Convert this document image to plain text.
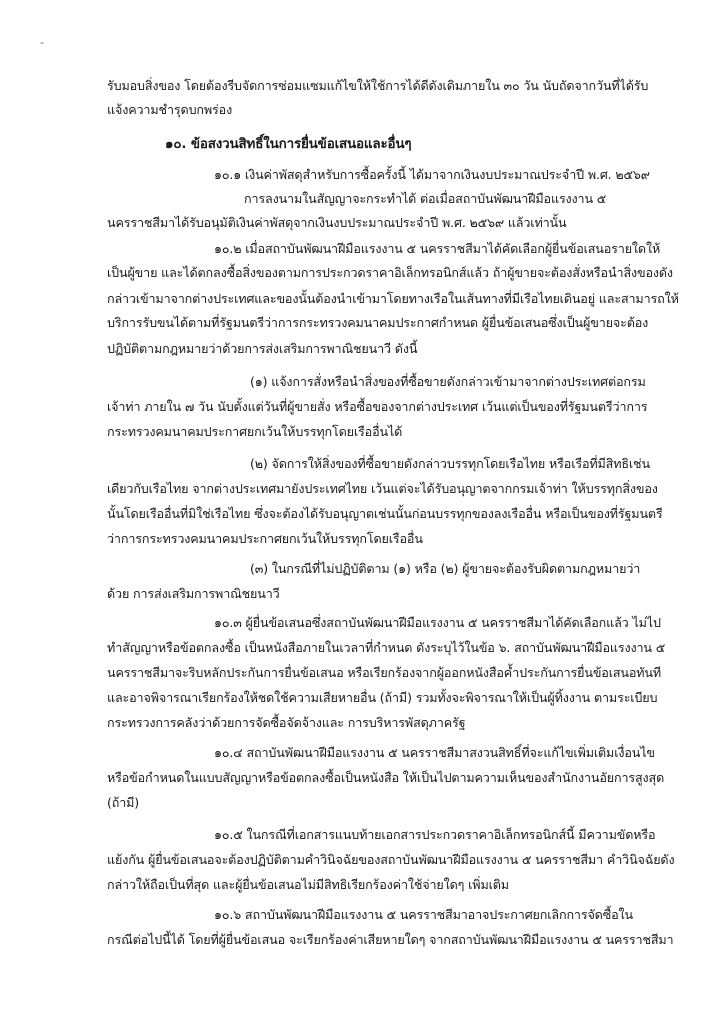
-

รับมอบสิ่งของ โดยต้องรีบจัดการซ่อมแซมแก้ไขให้ใช้การได้ดีดังเดิมภายใน ๓๐ วัน นับถัดจากวันที่ได้รับ

แจ้งความชำรุดบกพร่อง

๑๐. ข้อสงวนสิทธิ์ในการยื่นข้อเสนอและอื่นๆ

๑๐.๑ เงินค่าพัสดุสำหรับการซื้อครั้งนี้ ได้มาจากเงินงบประมาณประจำปี พ.ศ. ๒๕๖๙

การลงนามในสัญญาจะกระทำได้ ต่อเมื่อสถาบันพัฒนาฝีมือแรงงาน ๕

นครราชสีมาได้รับอนุมัติเงินค่าพัสดุจากเงินงบประมาณประจำปี พ.ศ. ๒๕๖๙ แล้วเท่านั้น

๑๐.๒ เมื่อสถาบันพัฒนาฝีมือแรงงาน ๕ นครราชสีมาได้คัดเลือกผู้ยื่นข้อเสนอรายใดให้

เป็นผู้ขาย และได้ตกลงซื้อสิ่งของตามการประกวดราคาอิเล็กทรอนิกส์แล้ว ถ้าผู้ขายจะต้องสั่งหรือนำสิ่งของดัง

กล่าวเข้ามาจากต่างประเทศและของนั้นต้องนำเข้ามาโดยทางเรือในเส้นทางที่มีเรือไทยเดินอยู่ และสามารถให้

บริการรับขนได้ตามที่รัฐมนตรีว่าการกระทรวงคมนาคมประกาศกำหนด ผู้ยื่นข้อเสนอซึ่งเป็นผู้ขายจะต้อง

ปฏิบัติตามกฎหมายว่าด้วยการส่งเสริมการพาณิชยนาวี ดังนี้

(๑) แจ้งการสั่งหรือนำสิ่งของที่ซื้อขายดังกล่าวเข้ามาจากต่างประเทศต่อกรม

เจ้าท่า ภายใน ๗ วัน นับตั้งแต่วันที่ผู้ขายสั่ง หรือซื้อของจากต่างประเทศ เว้นแต่เป็นของที่รัฐมนตรีว่าการ

กระทรวงคมนาคมประกาศยกเว้นให้บรรทุกโดยเรืออื่นได้

(๒) จัดการให้สิ่งของที่ซื้อขายดังกล่าวบรรทุกโดยเรือไทย หรือเรือที่มีสิทธิเช่น

เดียวกับเรือไทย จากต่างประเทศมายังประเทศไทย เว้นแต่จะได้รับอนุญาตจากกรมเจ้าท่า ให้บรรทุกสิ่งของ

นั้นโดยเรืออื่นที่มิใช่เรือไทย ซึ่งจะต้องได้รับอนุญาตเช่นนั้นก่อนบรรทุกของลงเรืออื่น หรือเป็นของที่รัฐมนตรี

ว่าการกระทรวงคมนาคมประกาศยกเว้นให้บรรทุกโดยเรืออื่น

(๓) ในกรณีที่ไม่ปฏิบัติตาม (๑) หรือ (๒) ผู้ขายจะต้องรับผิดตามกฎหมายว่า

ด้วย การส่งเสริมการพาณิชยนาวี

๑๐.๓ ผู้ยื่นข้อเสนอซึ่งสถาบันพัฒนาฝีมือแรงงาน ๕ นครราชสีมาได้คัดเลือกแล้ว ไม่ไป

ทำสัญญาหรือข้อตกลงซื้อ เป็นหนังสือภายในเวลาที่กำหนด ดังระบุไว้ในข้อ ๖. สถาบันพัฒนาฝีมือแรงงาน ๕

นครราชสีมาจะริบหลักประกันการยื่นข้อเสนอ หรือเรียกร้องจากผู้ออกหนังสือค้ำประกันการยื่นข้อเสนอทันที

และอาจพิจารณาเรียกร้องให้ชดใช้ความเสียหายอื่น (ถ้ามี) รวมทั้งจะพิจารณาให้เป็นผู้ทิ้งงาน ตามระเบียบ

กระทรวงการคลังว่าด้วยการจัดซื้อจัดจ้างและ การบริหารพัสดุภาครัฐ

๑๐.๔ สถาบันพัฒนาฝีมือแรงงาน ๕ นครราชสีมาสงวนสิทธิ์ที่จะแก้ไขเพิ่มเติมเงื่อนไข

หรือข้อกำหนดในแบบสัญญาหรือข้อตกลงซื้อเป็นหนังสือ ให้เป็นไปตามความเห็นของสำนักงานอัยการสูงสุด

(ถ้ามี)

๑๐.๕ ในกรณีที่เอกสารแนบท้ายเอกสารประกวดราคาอิเล็กทรอนิกส์นี้ มีความขัดหรือ

แย้งกัน ผู้ยื่นข้อเสนอจะต้องปฏิบัติตามคำวินิจฉัยของสถาบันพัฒนาฝีมือแรงงาน ๕ นครราชสีมา คำวินิจฉัยดัง

กล่าวให้ถือเป็นที่สุด และผู้ยื่นข้อเสนอไม่มีสิทธิเรียกร้องค่าใช้จ่ายใดๆ เพิ่มเติม

๑๐.๖ สถาบันพัฒนาฝีมือแรงงาน ๕ นครราชสีมาอาจประกาศยกเลิกการจัดซื้อใน

กรณีต่อไปนี้ได้ โดยที่ผู้ยื่นข้อเสนอ จะเรียกร้องค่าเสียหายใดๆ จากสถาบันพัฒนาฝีมือแรงงาน ๕ นครราชสีมา
